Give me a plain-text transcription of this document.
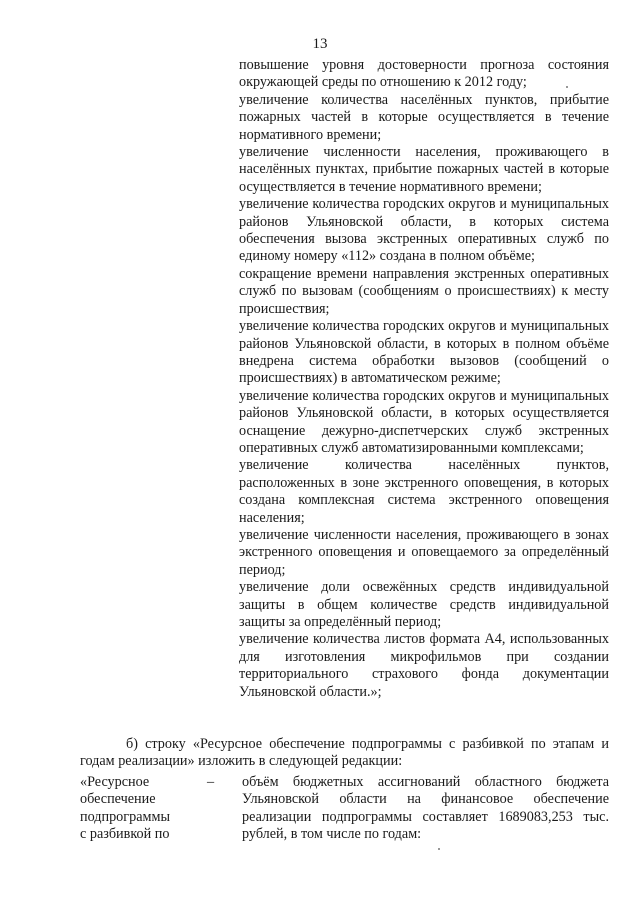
13

повышение уровня достоверности прогноза состояния окружающей среды по отношению к 2012 году;

увеличение количества населённых пунктов, прибытие пожарных частей в которые осуществляется в течение нормативного времени;

увеличение численности населения, проживающего в населённых пунктах, прибытие пожарных частей в которые осуществляется в течение нормативного времени;

увеличение количества городских округов и муниципальных районов Ульяновской области, в которых система обеспечения вызова экстренных оперативных служб по единому номеру «112» создана в полном объёме;

сокращение времени направления экстренных оперативных служб по вызовам (сообщениям о происшествиях) к месту происшествия;

увеличение количества городских округов и муниципальных районов Ульяновской области, в которых в полном объёме внедрена система обработки вызовов (сообщений о происшествиях) в автоматическом режиме;

увеличение количества городских округов и муниципальных районов Ульяновской области, в которых осуществляется оснащение дежурно-диспетчерских служб экстренных оперативных служб автоматизированными комплексами;

увеличение количества населённых пунктов, расположенных в зоне экстренного оповещения, в которых создана комплексная система экстренного оповещения населения;

увеличение численности населения, проживающего в зонах экстренного оповещения и оповещаемого за определённый период;

увеличение доли освежённых средств индивидуальной защиты в общем количестве средств индивидуальной защиты за определённый период;

увеличение количества листов формата А4, использованных для изготовления микрофильмов при создании территориального страхового фонда документации Ульяновской области.»;

б) строку «Ресурсное обеспечение подпрограммы с разбивкой по этапам и годам реализации» изложить в следующей редакции:

«Ресурсное
обеспечение
подпрограммы
с разбивкой по
– объём бюджетных ассигнований областного бюджета Ульяновской области на финансовое обеспечение реализации подпрограммы составляет 1689083,253 тыс. рублей, в том числе по годам:
